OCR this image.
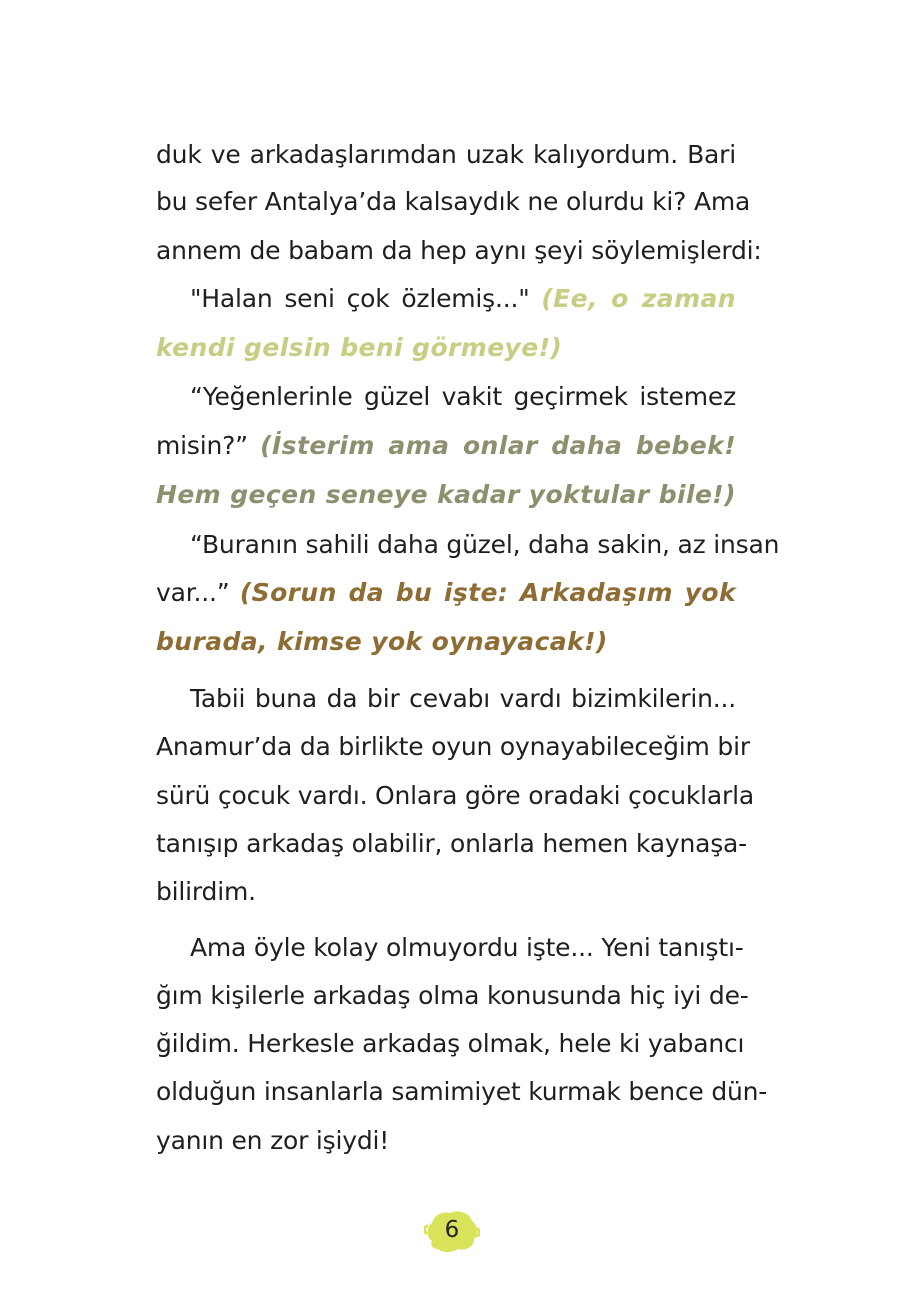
duk ve arkadaşlarımdan uzak kalıyordum. Bari
bu sefer Antalya’da kalsaydık ne olurdu ki? Ama
annem de babam da hep aynı şeyi söylemişlerdi:
"Halan seni çok özlemiş..." (Ee, o zaman
kendi gelsin beni görmeye!)
“Yeğenlerinle güzel vakit geçirmek istemez
misin?” (İsterim ama onlar daha bebek!
Hem geçen seneye kadar yoktular bile!)
“Buranın sahili daha güzel, daha sakin, az insan
var...” (Sorun da bu işte: Arkadaşım yok
burada, kimse yok oynayacak!)
Tabii buna da bir cevabı vardı bizimkilerin...
Anamur’da da birlikte oyun oynayabileceğim bir
sürü çocuk vardı. Onlara göre oradaki çocuklarla
tanışıp arkadaş olabilir, onlarla hemen kaynaşa-
bilirdim.
Ama öyle kolay olmuyordu işte... Yeni tanıştı-
ğım kişilerle arkadaş olma konusunda hiç iyi de-
ğildim. Herkesle arkadaş olmak, hele ki yabancı
olduğun insanlarla samimiyet kurmak bence dün-
yanın en zor işiydi!
6
